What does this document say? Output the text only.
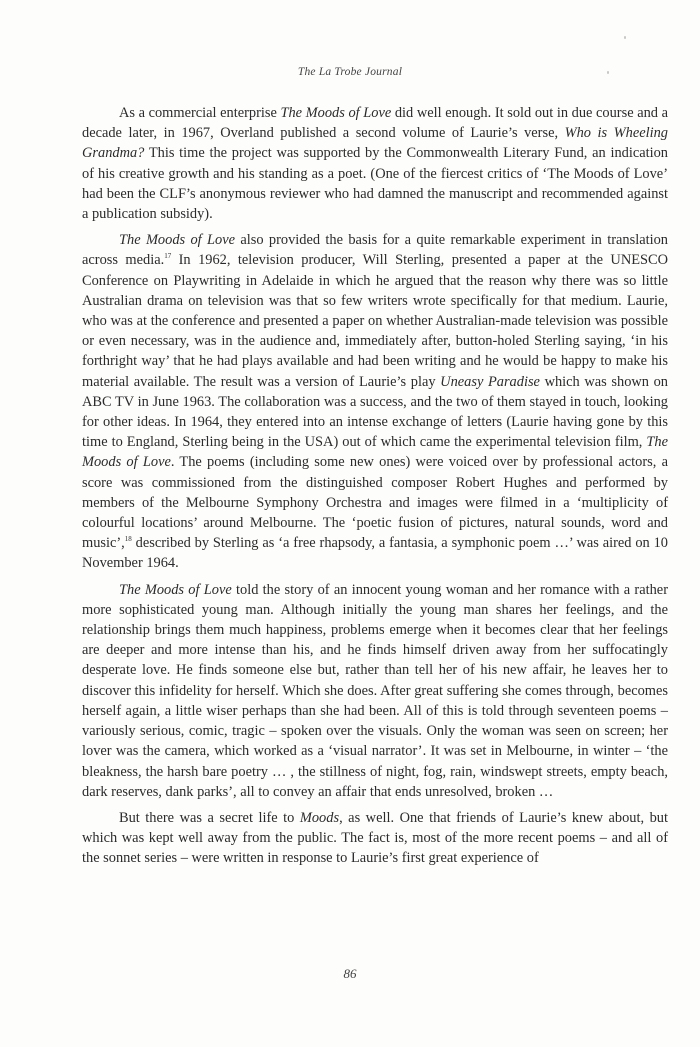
The La Trobe Journal

As a commercial enterprise The Moods of Love did well enough. It sold out in due course and a decade later, in 1967, Overland published a second volume of Laurie’s verse, Who is Wheeling Grandma? This time the project was supported by the Commonwealth Literary Fund, an indication of his creative growth and his standing as a poet. (One of the fiercest critics of ‘The Moods of Love’ had been the CLF’s anonymous reviewer who had damned the manuscript and recommended against a publication subsidy).

The Moods of Love also provided the basis for a quite remarkable experiment in translation across media.$^{17}$ In 1962, television producer, Will Sterling, presented a paper at the UNESCO Conference on Playwriting in Adelaide in which he argued that the reason why there was so little Australian drama on television was that so few writers wrote specifically for that medium. Laurie, who was at the conference and presented a paper on whether Australian-made television was possible or even necessary, was in the audience and, immediately after, button-holed Sterling saying, ‘in his forthright way’ that he had plays available and had been writing and he would be happy to make his material available. The result was a version of Laurie’s play Uneasy Paradise which was shown on ABC TV in June 1963. The collaboration was a success, and the two of them stayed in touch, looking for other ideas. In 1964, they entered into an intense exchange of letters (Laurie having gone by this time to England, Sterling being in the USA) out of which came the experimental television film, The Moods of Love. The poems (including some new ones) were voiced over by professional actors, a score was commissioned from the distinguished composer Robert Hughes and performed by members of the Melbourne Symphony Orchestra and images were filmed in a ‘multiplicity of colourful locations’ around Melbourne. The ‘poetic fusion of pictures, natural sounds, word and music’,$^{18}$ described by Sterling as ‘a free rhapsody, a fantasia, a symphonic poem …’ was aired on 10 November 1964.

The Moods of Love told the story of an innocent young woman and her romance with a rather more sophisticated young man. Although initially the young man shares her feelings, and the relationship brings them much happiness, problems emerge when it becomes clear that her feelings are deeper and more intense than his, and he finds himself driven away from her suffocatingly desperate love. He finds someone else but, rather than tell her of his new affair, he leaves her to discover this infidelity for herself. Which she does. After great suffering she comes through, becomes herself again, a little wiser perhaps than she had been. All of this is told through seventeen poems – variously serious, comic, tragic – spoken over the visuals. Only the woman was seen on screen; her lover was the camera, which worked as a ‘visual narrator’. It was set in Melbourne, in winter – ‘the bleakness, the harsh bare poetry … , the stillness of night, fog, rain, windswept streets, empty beach, dark reserves, dank parks’, all to convey an affair that ends unresolved, broken …

But there was a secret life to Moods, as well. One that friends of Laurie’s knew about, but which was kept well away from the public. The fact is, most of the more recent poems – and all of the sonnet series – were written in response to Laurie’s first great experience of

86
